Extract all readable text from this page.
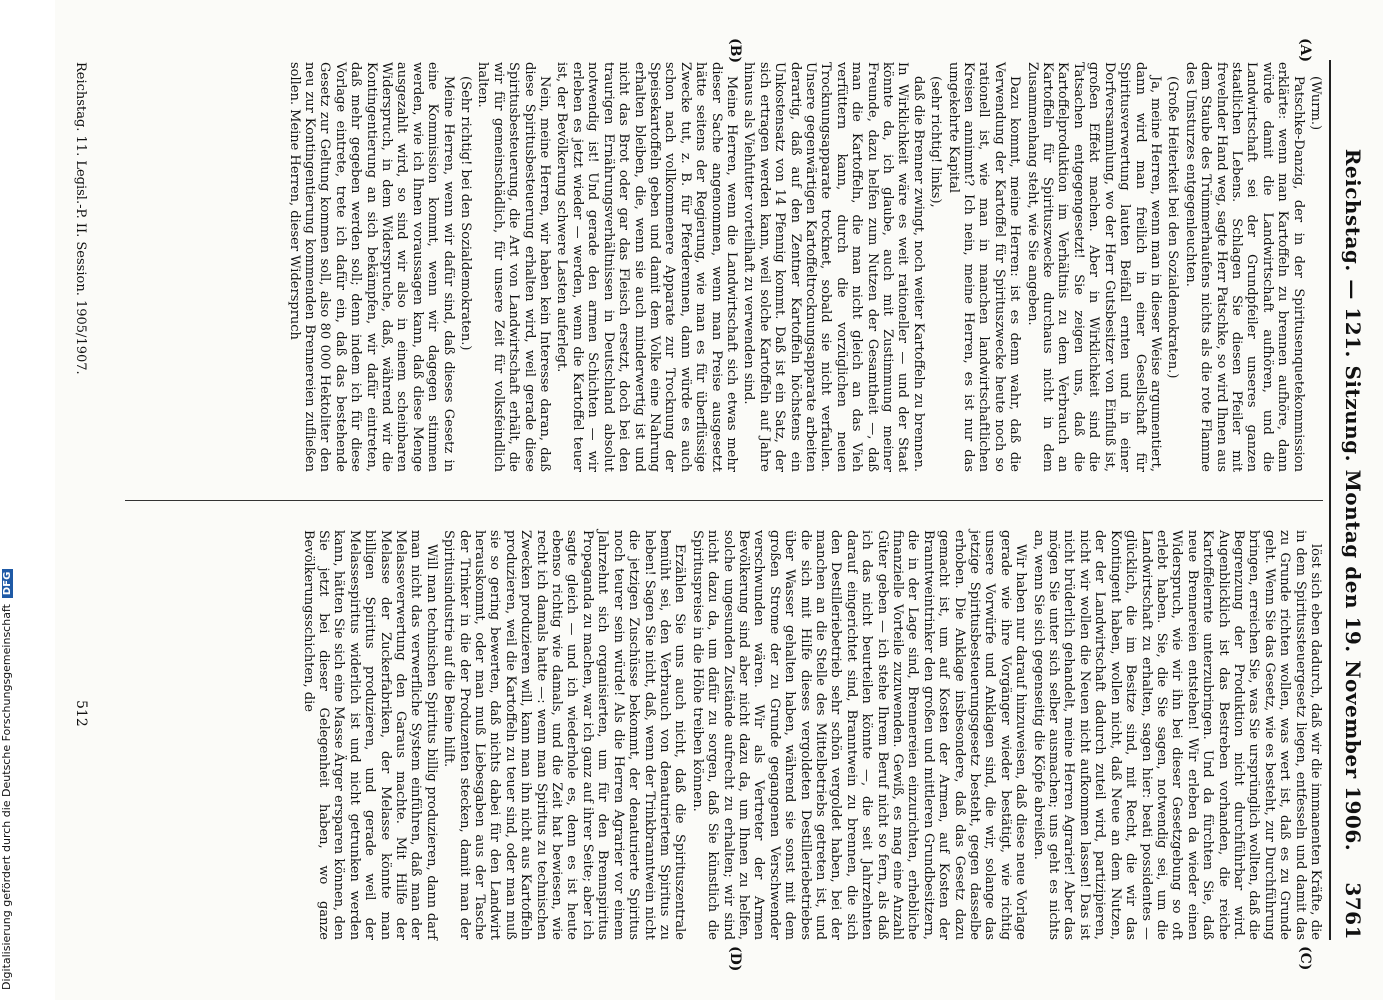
Reichstag. — 121. Sitzung. Montag den 19. November 1906.
3761
(A)
(B)
(C)
(D)

(Wurm.)

Patschke-Danzig, der in der Spiritusenquetekommission erklärte: wenn man Kartoffeln zu brennen aufhöre, dann würde damit die Landwirtschaft aufhören, und die Landwirtschaft sei der Grundpfeiler unseres ganzen staatlichen Lebens. Schlagen Sie diesen Pfeiler mit frevelnder Hand weg, sagte Herr Patschke, so wird Ihnen aus dem Staube des Trümmerhaufens nichts als die rote Flamme des Umsturzes entgegenleuchten.

(Große Heiterkeit bei den Sozialdemokraten.)

Ja, meine Herren, wenn man in dieser Weise argumentiert, dann wird man freilich in einer Gesellschaft für Spiritusverwertung lauten Beifall ernten und in einer Dorfversammlung, wo der Herr Gutsbesitzer von Einfluß ist, großen Effekt machen. Aber in Wirklichkeit sind die Tatsachen entgegengesetzt! Sie zeigen uns, daß die Kartoffelproduktion im Verhältnis zu dem Verbrauch an Kartoffeln für Spirituszwecke durchaus nicht in dem Zusammenhang steht, wie Sie angeben.

Dazu kommt, meine Herren: ist es denn wahr, daß die Verwendung der Kartoffel für Spirituszwecke heute noch so rationell ist, wie man in manchen landwirtschaftlichen Kreisen annimmt? Ich nein, meine Herren, es ist nur das umgekehrte Kapital

(sehr richtig! links),

daß die Brenner zwingt, noch weiter Kartoffeln zu brennen. In Wirklichkeit wäre es weit rationeller — und der Staat könnte da, ich glaube, auch mit Zustimmung meiner Freunde, dazu helfen zum Nutzen der Gesamtheit —, daß man die Kartoffeln, die man nicht gleich an das Vieh verfüttern kann, durch die vorzüglichen neuen Trocknungsapparate trocknet, sobald sie nicht verfaulen. Unsere gegenwärtigen Kartoffeltrocknungsapparate arbeiten derartig, daß auf den Zentner Kartoffeln höchstens ein Unkostensatz von 14 Pfennig kommt. Daß ist ein Satz, der sich ertragen werden kann, weil solche Kartoffeln auf Jahre hinaus als Viehfutter vorteilhaft zu verwenden sind.

Meine Herren, wenn die Landwirtschaft sich etwas mehr dieser Sache angenommen, wenn man Preise ausgesetzt hätte seitens der Regierung, wie man es für überflüssige Zwecke tut, z. B. für Pferderennen, dann würde es auch schon nach vollkommenere Apparate zur Trocknung der Speisekartoffeln geben und damit dem Volke eine Nahrung erhalten bleiben, die, wenn sie auch minderwertig ist und nicht das Brot oder gar das Fleisch ersetzt, doch bei den traurigen Ernährungsverhältnissen in Deutschland absolut notwendig ist! Und gerade den armen Schichten — wir erleben es jetzt wieder — werden, wenn die Kartoffel teuer ist, der Bevölkerung schwere Lasten auferlegt.

Nein, meine Herren, wir haben kein Interesse daran, daß diese Spiritusbesteuerung erhalten wird, weil gerade diese Spiritusbesteuerung, die Art von Landwirtschaft erhält, die wir für gemeinschädlich, für unsere Zeit für volksfeindlich halten.

(Sehr richtig! bei den Sozialdemokraten.)

Meine Herren, wenn wir dafür sind, daß dieses Gesetz in eine Kommission kommt, wenn wir dagegen stimmen werden, wie ich Ihnen voraussagen kann, daß diese Menge ausgezahlt wird, so sind wir also in einem scheinbaren Widerspruch, in dem Widerspruche, daß, während wir die Kontingentierung an sich bekämpfen, wir dafür eintreten, daß mehr gegeben werden soll; denn indem ich für diese Vorlage eintrete, trete ich dafür ein, daß das bestehende Gesetz zur Geltung kommen soll, also 80 000 Hektoliter den neu zur Kontingentierung kommenden Brennereien zufließen sollen. Meine Herren, dieser Widerspruch

löst sich eben dadurch, daß wir die immanenten Kräfte, die in dem Spiritussteuergesetz liegen, entfesseln und damit das zu Grunde richten wollen, was wert ist, daß es zu Grunde geht. Wenn Sie das Gesetz, wie es besteht, zur Durchführung bringen, erreichen Sie, was Sie ursprünglich wollten, daß die Begrenzung der Produktion nicht durchführbar wird. Augenblicklich ist das Bestreben vorhanden, die reiche Kartoffelernte unterzubringen. Und da fürchten Sie, daß neue Brennereien entstehen! Wir erleben da wieder einen Widerspruch, wie wir ihn bei dieser Gesetzgebung so oft erlebt haben. Sie, die Sie sagen, notwendig sei, um die Landwirtschaft zu erhalten, sagen hier: beati possidentes — glücklich, die im Besitze sind, mit Recht, die wir das Kontingent haben, wollen nicht, daß Neue an dem Nutzen, der der Landwirtschaft dadurch zuteil wird, partizipieren, nicht wir wollen die Neuen nicht aufkommen lassen! Das ist nicht brüderlich gehandelt, meine Herren Agrarier! Aber das mögen Sie unter sich selber ausmachen; uns geht es nichts an, wenn Sie sich gegenseitig die Köpfe abreißen.

Wir haben nur darauf hinzuweisen, daß diese neue Vorlage gerade wie ihre Vorgänger wieder bestätigt, wie richtig unsere Vorwürfe und Anklagen sind, die wir, solange das jetzige Spiritusbesteuerungsgesetz besteht, gegen dasselbe erhoben. Die Anklage insbesondere, daß das Gesetz dazu gemacht ist, um auf Kosten der Armen, auf Kosten der Branntweintrinker den großen und mittleren Grundbesitzern, die in der Lage sind, Brennereien einzurichten, erhebliche finanzielle Vorteile zuzuwenden. Gewiß, es mag eine Anzahl Güter geben — ich stehe Ihrem Beruf nicht so fern, als daß ich das nicht beurteilen könnte —, die seit Jahrzehnten darauf eingerichtet sind, Branntwein zu brennen, die sich den Destilleriebetrieb sehr schön vergoldet haben, bei der manchen an die Stelle des Mittelbetriebs getreten ist, und die sich mit Hilfe dieses vergoldeten Destilleriebetriebes über Wasser gehalten haben, während sie sonst mit dem großen Strome der zu Grunde gegangenen Verschwender verschwunden wären. Wir als Vertreter der Armen Bevölkerung sind aber nicht dazu da, um Ihnen zu helfen, solche ungesunden Zustände aufrecht zu erhalten; wir sind nicht dazu da, um dafür zu sorgen, daß Sie künstlich die Spirituspreise in die Höhe treiben können.

Erzählen Sie uns auch nicht, daß die Spirituszentrale bemüht sei, den Verbrauch von denaturiertem Spiritus zu heben! Sagen Sie nicht, daß, wenn der Trinkbranntwein nicht die jetzigen Zuschüsse bekommt, der denaturierte Spiritus noch teurer sein würde! Als die Herren Agrarier vor einem Jahrzehnt sich organisierten, um für den Brennspiritus Propaganda zu machen, war ich ganz auf ihrer Seite; aber ich sagte gleich — und ich wiederhole es, denn es ist heute ebenso richtig wie damals, und die Zeit hat bewiesen, wie recht ich damals hatte —: wenn man Spiritus zu technischen Zwecken produzieren will, kann man ihn nicht aus Kartoffeln produzieren, weil die Kartoffeln zu teuer sind, oder man muß sie so gering bewerten, daß nichts dabei für den Landwirt herauskommt, oder man muß Liebesgaben aus der Tasche der Trinker in die der Produzenten stecken, damit man der Spiritusindustrie auf die Beine hilft.

Will man technischen Spiritus billig produzieren, dann darf man nicht das verwerfliche System einführen, daß man der Melasseverwertung den Garaus machte. Mit Hilfe der Melasse der Zuckerfabriken, der Melasse könnte man billigen Spiritus produzieren, und gerade weil der Melassespiritus widerlich ist und nicht getrunken werden kann, hätten Sie sich eine Masse Ärger ersparen können, den Sie jetzt bei dieser Gelegenheit haben, wo ganze Bevölkerungsschichten, die

Reichstag. 11. Legisl.-P. II. Session. 1905/1907.
512
Digitalisierung gefördert durch die Deutsche ForschungsgemeinschaftDFG
